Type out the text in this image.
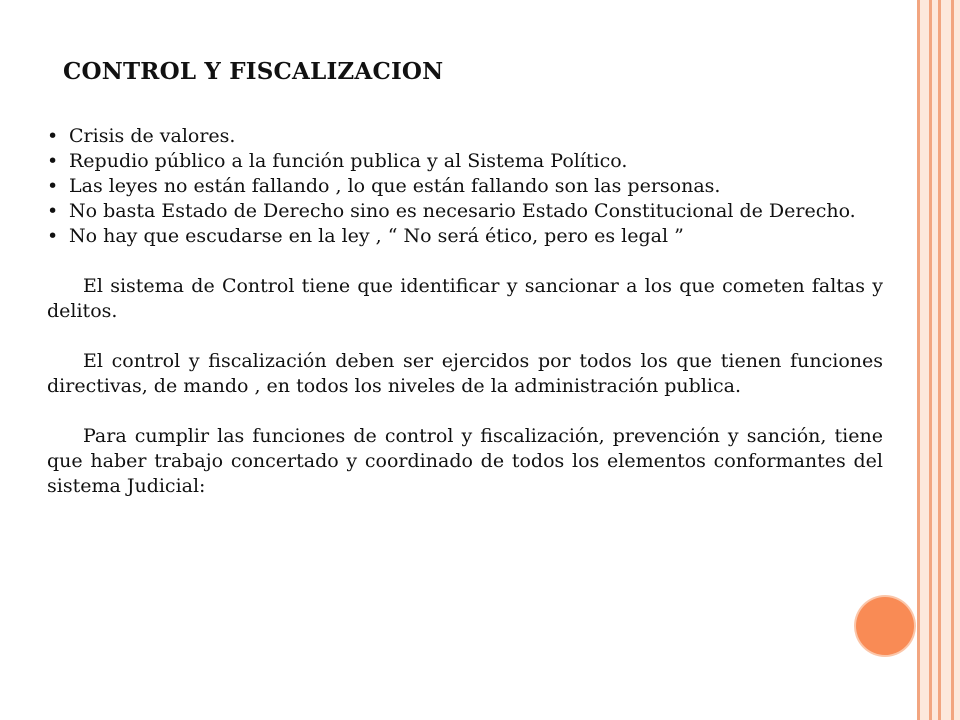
CONTROL Y FISCALIZACION
• Crisis de valores.
• Repudio público a la función publica y al Sistema Político.
• Las leyes no están fallando , lo que están fallando son las personas.
• No basta Estado de Derecho sino es necesario Estado Constitucional de Derecho.
• No hay que escudarse en la ley , “ No será ético, pero es legal ”
El sistema de Control tiene que identificar y sancionar a los que cometen faltas y delitos.
El control y fiscalización deben ser ejercidos por todos los que tienen funciones directivas, de mando , en todos los niveles de la administración publica.
Para cumplir las funciones de control y fiscalización, prevención y sanción, tiene que haber trabajo concertado y coordinado de todos los elementos conformantes del sistema Judicial:
